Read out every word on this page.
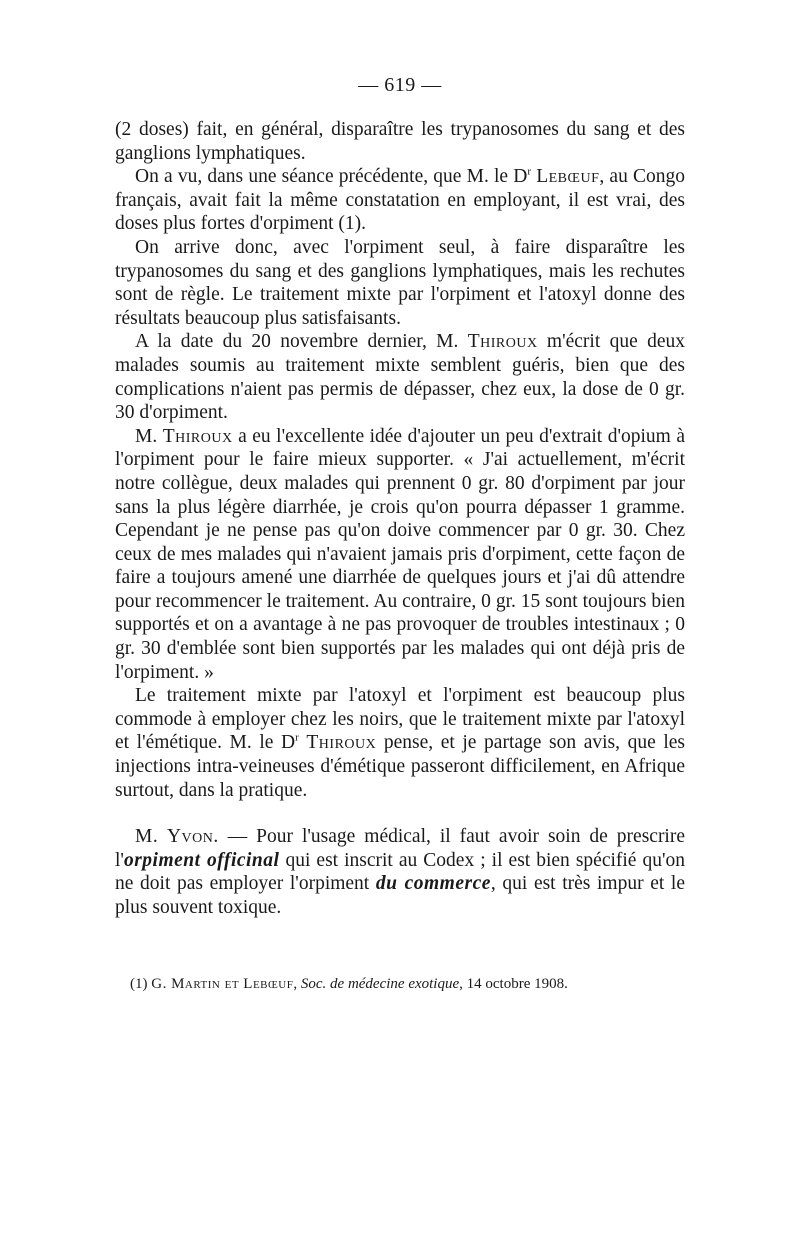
— 619 —

(2 doses) fait, en général, disparaître les trypanosomes du sang et des ganglions lymphatiques.

On a vu, dans une séance précédente, que M. le $D^r$ Lebœuf, au Congo français, avait fait la même constatation en employant, il est vrai, des doses plus fortes d'orpiment (1).

On arrive donc, avec l'orpiment seul, à faire disparaître les trypanosomes du sang et des ganglions lymphatiques, mais les rechutes sont de règle. Le traitement mixte par l'orpiment et l'atoxyl donne des résultats beaucoup plus satisfaisants.

A la date du 20 novembre dernier, M. Thiroux m'écrit que deux malades soumis au traitement mixte semblent guéris, bien que des complications n'aient pas permis de dépasser, chez eux, la dose de 0 gr. 30 d'orpiment.

M. Thiroux a eu l'excellente idée d'ajouter un peu d'extrait d'opium à l'orpiment pour le faire mieux supporter. « J'ai actuellement, m'écrit notre collègue, deux malades qui prennent 0 gr. 80 d'orpiment par jour sans la plus légère diarrhée, je crois qu'on pourra dépasser 1 gramme. Cependant je ne pense pas qu'on doive commencer par 0 gr. 30. Chez ceux de mes malades qui n'avaient jamais pris d'orpiment, cette façon de faire a toujours amené une diarrhée de quelques jours et j'ai dû attendre pour recommencer le traitement. Au contraire, 0 gr. 15 sont toujours bien supportés et on a avantage à ne pas provoquer de troubles intestinaux ; 0 gr. 30 d'emblée sont bien supportés par les malades qui ont déjà pris de l'orpiment. »

Le traitement mixte par l'atoxyl et l'orpiment est beaucoup plus commode à employer chez les noirs, que le traitement mixte par l'atoxyl et l'émétique. M. le $D^r$ Thiroux pense, et je partage son avis, que les injections intra-veineuses d'émétique passeront difficilement, en Afrique surtout, dans la pratique.

M. Yvon. — Pour l'usage médical, il faut avoir soin de prescrire l'orpiment officinal qui est inscrit au Codex ; il est bien spécifié qu'on ne doit pas employer l'orpiment du commerce, qui est très impur et le plus souvent toxique.

(1) G. Martin et Lebœuf, Soc. de médecine exotique, 14 octobre 1908.
